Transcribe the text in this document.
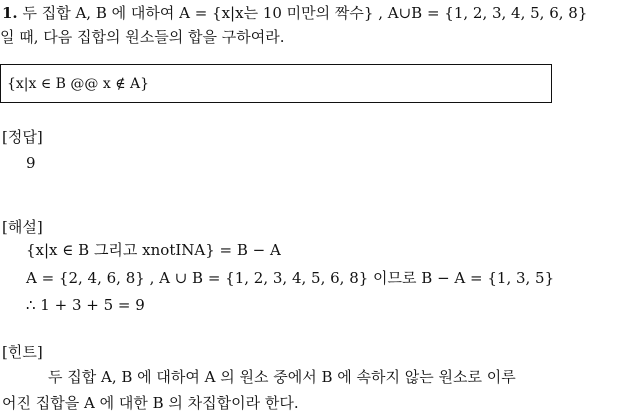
1. 두 집합 A, B 에 대하여 A = {x|x는 10 미만의 짝수} , A∪B = {1, 2, 3, 4, 5, 6, 8}
일 때, 다음 집합의 원소들의 합을 구하여라.
{x|x ∈ B @@ x ∉ A}
[정답]
9
[해설]
{x|x ∈ B 그리고 xnotINA} = B − A
A = {2, 4, 6, 8} , A ∪ B = {1, 2, 3, 4, 5, 6, 8} 이므로 B − A = {1, 3, 5}
∴ 1 + 3 + 5 = 9
[힌트]
두 집합 A, B 에 대하여 A 의 원소 중에서 B 에 속하지 않는 원소로 이루
어진 집합을 A 에 대한 B 의 차집합이라 한다.
